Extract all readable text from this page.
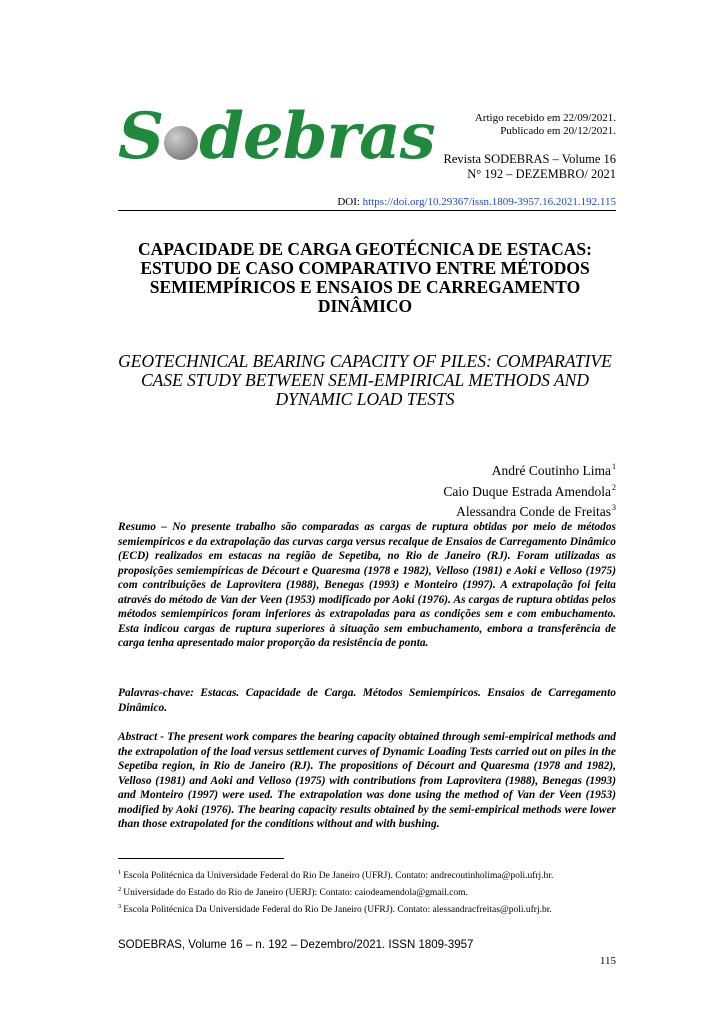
S debras	Artigo recebido em 22/09/2021.
Publicado em 20/12/2021.
Revista SODEBRAS – Volume 16
N° 192 – DEZEMBRO/ 2021
DOI: https://doi.org/10.29367/issn.1809-3957.16.2021.192.115
CAPACIDADE DE CARGA GEOTÉCNICA DE ESTACAS: ESTUDO DE CASO COMPARATIVO ENTRE MÉTODOS SEMIEMPÍRICOS E ENSAIOS DE CARREGAMENTO DINÂMICO
GEOTECHNICAL BEARING CAPACITY OF PILES: COMPARATIVE CASE STUDY BETWEEN SEMI-EMPIRICAL METHODS AND DYNAMIC LOAD TESTS
André Coutinho Lima$^1$
Caio Duque Estrada Amendola$^2$
Alessandra Conde de Freitas$^3$
Resumo – No presente trabalho são comparadas as cargas de ruptura obtidas por meio de métodos semiempíricos e da extrapolação das curvas carga versus recalque de Ensaios de Carregamento Dinâmico (ECD) realizados em estacas na região de Sepetiba, no Rio de Janeiro (RJ). Foram utilizadas as proposições semiempíricas de Décourt e Quaresma (1978 e 1982), Velloso (1981) e Aoki e Velloso (1975) com contribuições de Laprovitera (1988), Benegas (1993) e Monteiro (1997). A extrapolação foi feita através do método de Van der Veen (1953) modificado por Aoki (1976). As cargas de ruptura obtidas pelos métodos semiempíricos foram inferiores às extrapoladas para as condições sem e com embuchamento. Esta indicou cargas de ruptura superiores à situação sem embuchamento, embora a transferência de carga tenha apresentado maior proporção da resistência de ponta.
Palavras-chave: Estacas. Capacidade de Carga. Métodos Semiempíricos. Ensaios de Carregamento Dinâmico.
Abstract - The present work compares the bearing capacity obtained through semi-empirical methods and the extrapolation of the load versus settlement curves of Dynamic Loading Tests carried out on piles in the Sepetiba region, in Rio de Janeiro (RJ). The propositions of Décourt and Quaresma (1978 and 1982), Velloso (1981) and Aoki and Velloso (1975) with contributions from Laprovitera (1988), Benegas (1993) and Monteiro (1997) were used. The extrapolation was done using the method of Van der Veen (1953) modified by Aoki (1976). The bearing capacity results obtained by the semi-empirical methods were lower than those extrapolated for the conditions without and with bushing.
$^1$ Escola Politécnica da Universidade Federal do Rio De Janeiro (UFRJ). Contato: andrecoutinholima@poli.ufrj.br.
$^2$ Universidade do Estado do Rio de Janeiro (UERJ): Contato: caiodeamendola@gmail.com.
$^3$ Escola Politécnica Da Universidade Federal do Rio De Janeiro (UFRJ). Contato: alessandracfreitas@poli.ufrj.br.
SODEBRAS, Volume 16 – n. 192 – Dezembro/2021. ISSN 1809-3957
115
